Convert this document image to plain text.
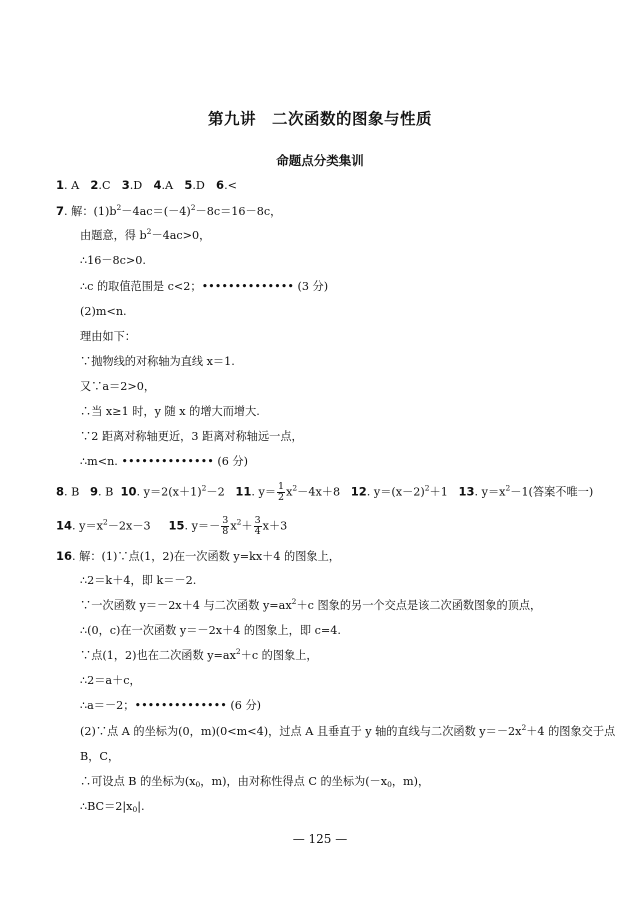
第九讲　二次函数的图象与性质
命题点分类集训
1. A　2.C　3.D　4.A　5.D　6.<
7. 解：$(1)b^2-4ac=(-4)^2-8c=16-8c$，
由题意，得 $b^2-4ac>0$，
∴16－8c>0.
∴c 的取值范围是 c<2；•••••••••••••• (3 分)
(2)m<n.
理由如下：
∵抛物线的对称轴为直线 x＝1.
又∵a＝2>0，
∴当 x≥1 时，y 随 x 的增大而增大.
∵2 距离对称轴更近，3 距离对称轴远一点，
∴m<n. •••••••••••••• (6 分)
8. B 9. B 10. $y=2(x+1)^2-2$ 11. $y= \frac{1}{2} x^2-4x+8$ 12. $y=(x-2)^2+1$ 13. $y=x^2-1$(答案不唯一)
14. $y=x^2-2x-3$ 15. $y=- \frac{3}{8} x^2+ \frac{3}{4} x+3$
16. 解：(1)∵点(1，2)在一次函数 y=kx＋4 的图象上，
∴2＝k＋4，即 k＝－2.
∵一次函数 y＝－2x＋4 与二次函数 $y=ax^2+c$ 图象的另一个交点是该二次函数图象的顶点，
∴(0，c)在一次函数 y＝－2x＋4 的图象上，即 c=4.
∵点(1，2)也在二次函数 $y=ax^2+c$ 的图象上，
∴2＝a＋c，
∴a＝－2；•••••••••••••• (6 分)
(2)∵点 A 的坐标为(0，m)(0<m<4)，过点 A 且垂直于 y 轴的直线与二次函数 $y=-2x^2+4$ 的图象交于点
B，C，
∴可设点 B 的坐标为($x_0$，m)，由对称性得点 C 的坐标为($-x_0$，m)，
$\therefore BC=2|x_0|$.
— 125 —
